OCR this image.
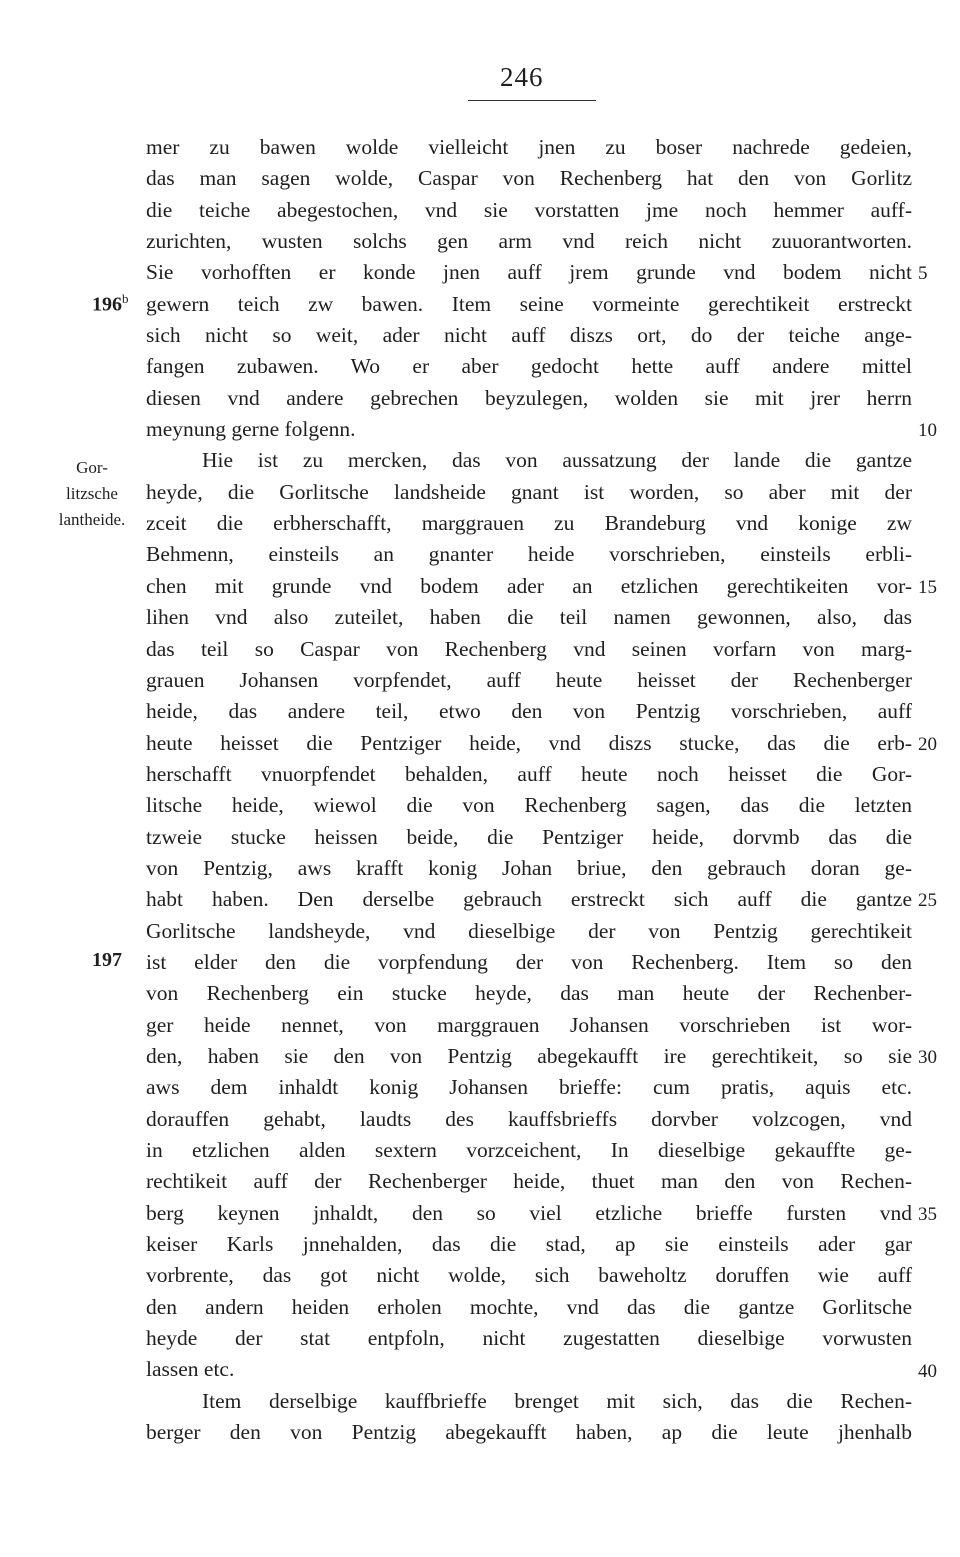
246
mer zu bawen wolde vielleicht jnen zu boser nachrede gedeien,
das man sagen wolde, Caspar von Rechenberg hat den von Gorlitz
die teiche abegestochen, vnd sie vorstatten jme noch hemmer auff-
zurichten, wusten solchs gen arm vnd reich nicht zuuorantworten.
Sie vorhofften er konde jnen auff jrem grunde vnd bodem nicht
gewern teich zw bawen. Item seine vormeinte gerechtikeit erstreckt
sich nicht so weit, ader nicht auff diszs ort, do der teiche ange-
fangen zubawen. Wo er aber gedocht hette auff andere mittel
diesen vnd andere gebrechen beyzulegen, wolden sie mit jrer herrn
meynung gerne folgenn.
Hie ist zu mercken, das von aussatzung der lande die gantze
heyde, die Gorlitsche landsheide gnant ist worden, so aber mit der
zceit die erbherschafft, marggrauen zu Brandeburg vnd konige zw
Behmenn, einsteils an gnanter heide vorschrieben, einsteils erbli-
chen mit grunde vnd bodem ader an etzlichen gerechtikeiten vor-
lihen vnd also zuteilet, haben die teil namen gewonnen, also, das
das teil so Caspar von Rechenberg vnd seinen vorfarn von marg-
grauen Johansen vorpfendet, auff heute heisset der Rechenberger
heide, das andere teil, etwo den von Pentzig vorschrieben, auff
heute heisset die Pentziger heide, vnd diszs stucke, das die erb-
herschafft vnuorpfendet behalden, auff heute noch heisset die Gor-
litsche heide, wiewol die von Rechenberg sagen, das die letzten
tzweie stucke heissen beide, die Pentziger heide, dorvmb das die
von Pentzig, aws krafft konig Johan briue, den gebrauch doran ge-
habt haben. Den derselbe gebrauch erstreckt sich auff die gantze
Gorlitsche landsheyde, vnd dieselbige der von Pentzig gerechtikeit
ist elder den die vorpfendung der von Rechenberg. Item so den
von Rechenberg ein stucke heyde, das man heute der Rechenber-
ger heide nennet, von marggrauen Johansen vorschrieben ist wor-
den, haben sie den von Pentzig abegekaufft ire gerechtikeit, so sie
aws dem inhaldt konig Johansen brieffe: cum pratis, aquis etc.
dorauffen gehabt, laudts des kauffsbrieffs dorvber volzcogen, vnd
in etzlichen alden sextern vorzceichent, In dieselbige gekauffte ge-
rechtikeit auff der Rechenberger heide, thuet man den von Rechen-
berg keynen jnhaldt, den so viel etzliche brieffe fursten vnd
keiser Karls jnnehalden, das die stad, ap sie einsteils ader gar
vorbrente, das got nicht wolde, sich baweholtz doruffen wie auff
den andern heiden erholen mochte, vnd das die gantze Gorlitsche
heyde der stat entpfoln, nicht zugestatten dieselbige vorwusten
lassen etc.
Item derselbige kauffbrieffe brenget mit sich, das die Rechen-
berger den von Pentzig abegekaufft haben, ap die leute jhenhalb
Gor-
litzsche
lantheide.
5
10
15
20
25
30
35
40
196$^b$
197
